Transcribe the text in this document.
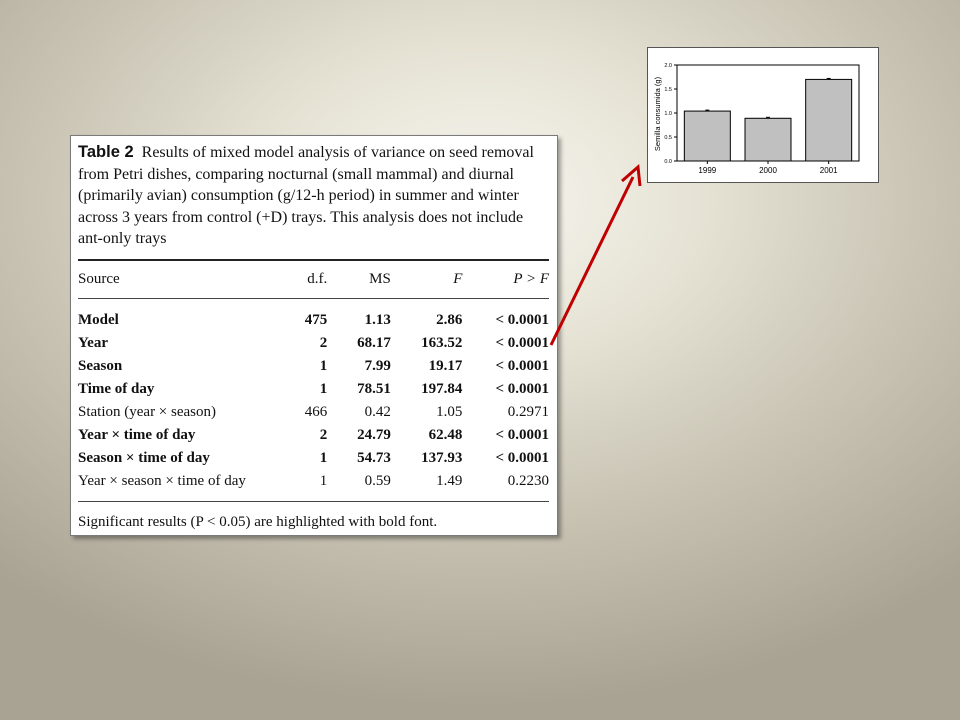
Table 2 Results of mixed model analysis of variance on seed removal from Petri dishes, comparing nocturnal (small mammal) and diurnal (primarily avian) consumption (g/12-h period) in summer and winter across 3 years from control (+D) trays. This analysis does not include ant-only trays

Source	d.f.	MS	F	P > F

Model	475	1.13	2.86	< 0.0001
Year	2	68.17	163.52	< 0.0001
Season	1	7.99	19.17	< 0.0001
Time of day	1	78.51	197.84	< 0.0001
Station (year × season)	466	0.42	1.05	0.2971
Year × time of day	2	24.79	62.48	< 0.0001
Season × time of day	1	54.73	137.93	< 0.0001
Year × season × time of day	1	0.59	1.49	0.2230
Significant results (P < 0.05) are highlighted with bold font.
0.0
0.5
1.0
1.5
2.0
1999	2000	2001
Semilla consumida (g)
